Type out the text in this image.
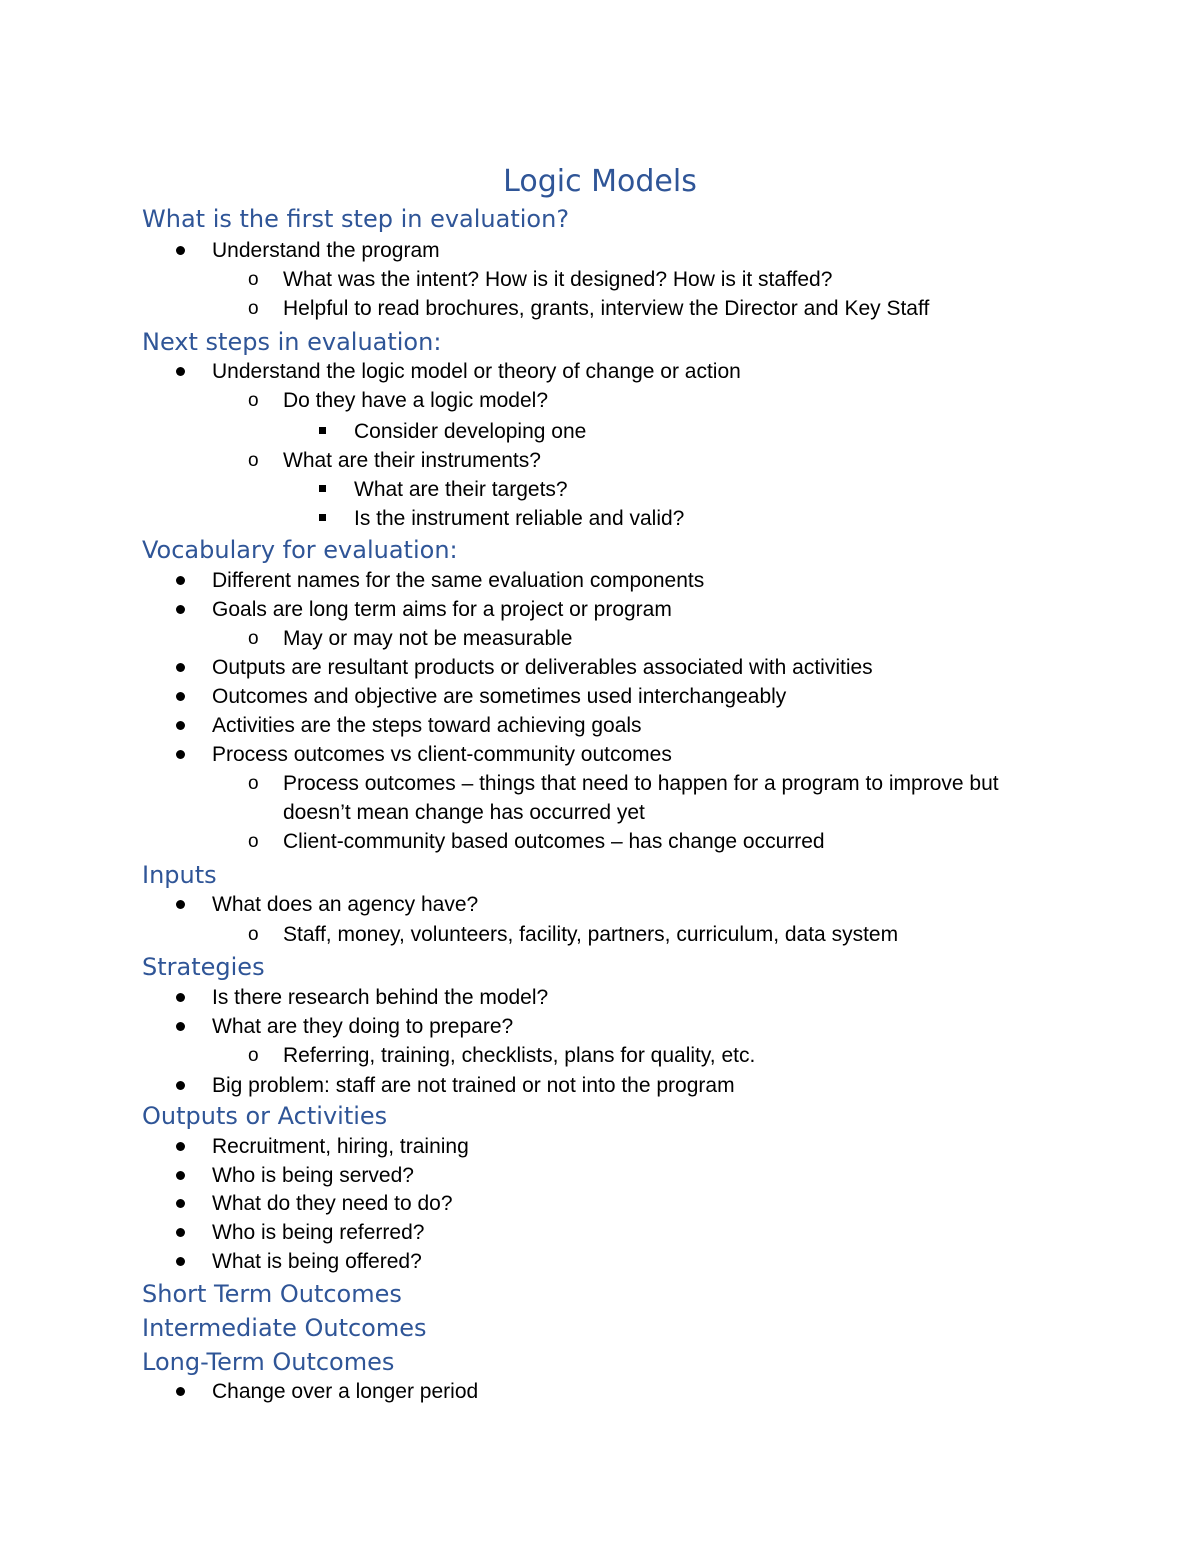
Logic Models
What is the first step in evaluation?
Understand the program
o What was the intent? How is it designed? How is it staffed?
o Helpful to read brochures, grants, interview the Director and Key Staff
Next steps in evaluation:
Understand the logic model or theory of change or action
o Do they have a logic model?
Consider developing one
o What are their instruments?
What are their targets?
Is the instrument reliable and valid?
Vocabulary for evaluation:
Different names for the same evaluation components
Goals are long term aims for a project or program
o May or may not be measurable
Outputs are resultant products or deliverables associated with activities
Outcomes and objective are sometimes used interchangeably
Activities are the steps toward achieving goals
Process outcomes vs client-community outcomes
o Process outcomes – things that need to happen for a program to improve but
doesn’t mean change has occurred yet
o Client-community based outcomes – has change occurred
Inputs
What does an agency have?
o Staff, money, volunteers, facility, partners, curriculum, data system
Strategies
Is there research behind the model?
What are they doing to prepare?
o Referring, training, checklists, plans for quality, etc.
Big problem: staff are not trained or not into the program
Outputs or Activities
Recruitment, hiring, training
Who is being served?
What do they need to do?
Who is being referred?
What is being offered?
Short Term Outcomes
Intermediate Outcomes
Long-Term Outcomes
Change over a longer period
